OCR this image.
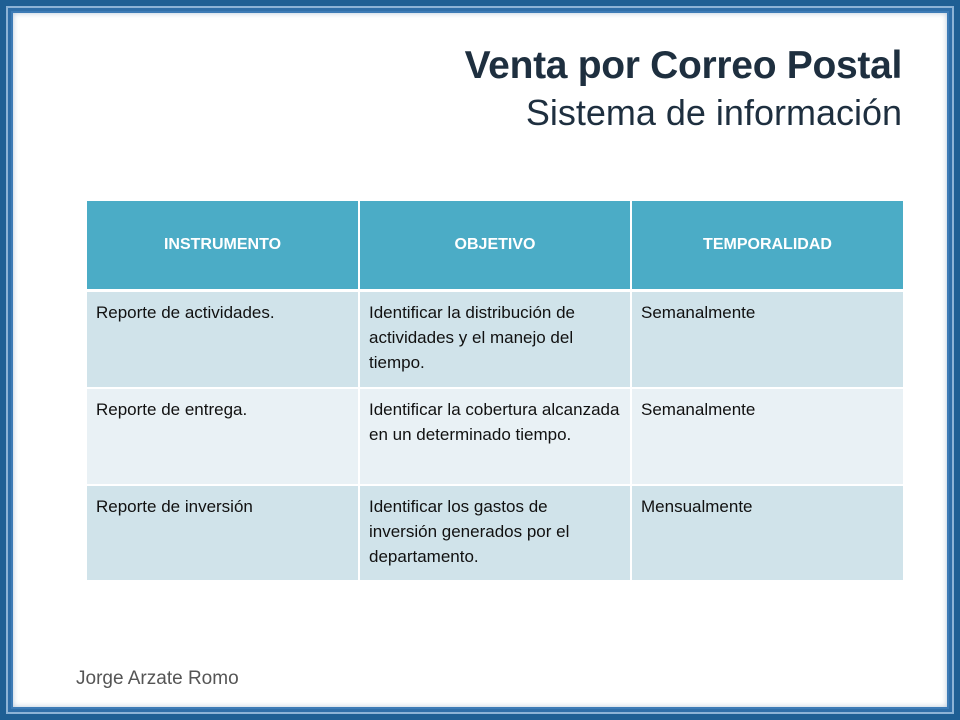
Venta por Correo Postal
Sistema de información
INSTRUMENTO	OBJETIVO	TEMPORALIDAD
Reporte de actividades.	Identificar la distribución de actividades y el manejo del tiempo.	Semanalmente
Reporte de entrega.	Identificar la cobertura alcanzada en un determinado tiempo.	Semanalmente
Reporte de inversión	Identificar los gastos de inversión generados por el departamento.	Mensualmente
Jorge Arzate Romo
